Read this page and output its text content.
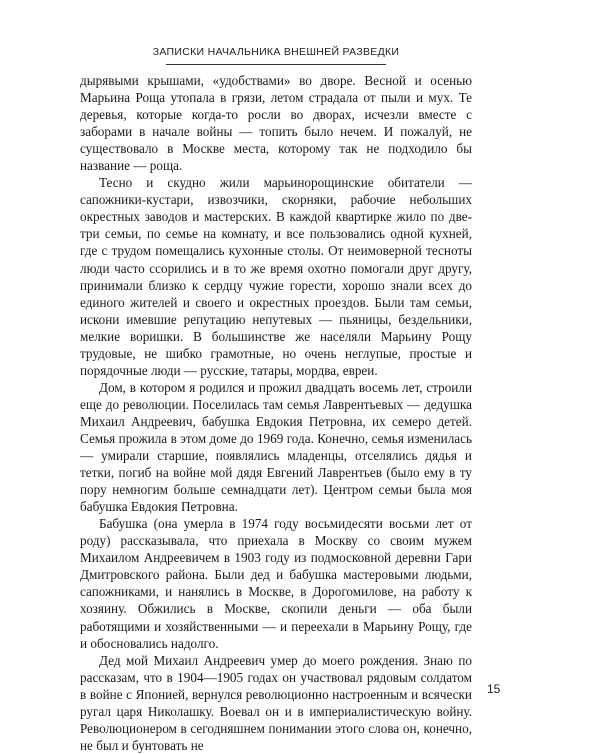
ЗАПИСКИ НАЧАЛЬНИКА ВНЕШНЕЙ РАЗВЕДКИ

дырявыми крышами, «удобствами» во дворе. Весной и осенью Марьина Роща утопала в грязи, летом страдала от пыли и мух. Те деревья, которые когда-то росли во дворах, исчезли вместе с заборами в начале войны — топить было нечем. И пожалуй, не существовало в Москве места, которому так не подходило бы название — роща.

Тесно и скудно жили марьинорощинские обитатели — сапожники-кустари, извозчики, скорняки, рабочие небольших окрестных заводов и мастерских. В каждой квартирке жило по две-три семьи, по семье на комнату, и все пользовались одной кухней, где с трудом помещались кухонные столы. От неимоверной тесноты люди часто ссорились и в то же время охотно помогали друг другу, принимали близко к сердцу чужие горести, хорошо знали всех до единого жителей и своего и окрестных проездов. Были там семьи, искони имевшие репутацию непутевых — пьяницы, бездельники, мелкие воришки. В большинстве же населяли Марьину Рощу трудовые, не шибко грамотные, но очень неглупые, простые и порядочные люди — русские, татары, мордва, евреи.

Дом, в котором я родился и прожил двадцать восемь лет, строили еще до революции. Поселилась там семья Лаврентьевых — дедушка Михаил Андреевич, бабушка Евдокия Петровна, их семеро детей. Семья прожила в этом доме до 1969 года. Конечно, семья изменилась — умирали старшие, появлялись младенцы, отселялись дядья и тетки, погиб на войне мой дядя Евгений Лаврентьев (было ему в ту пору немногим больше семнадцати лет). Центром семьи была моя бабушка Евдокия Петровна.

Бабушка (она умерла в 1974 году восьмидесяти восьми лет от роду) рассказывала, что приехала в Москву со своим мужем Михаилом Андреевичем в 1903 году из подмосковной деревни Гари Дмитровского района. Были дед и бабушка мастеровыми людьми, сапожниками, и нанялись в Москве, в Дорогомилове, на работу к хозяину. Обжились в Москве, скопили деньги — оба были работящими и хозяйственными — и переехали в Марьину Рощу, где и обосновались надолго.

Дед мой Михаил Андреевич умер до моего рождения. Знаю по рассказам, что в 1904—1905 годах он участвовал рядовым солдатом в войне с Японией, вернулся революционно настроенным и всячески ругал царя Николашку. Воевал он и в империалистическую войну. Революционером в сегодняшнем понимании этого слова он, конечно, не был и бунтовать не

15
